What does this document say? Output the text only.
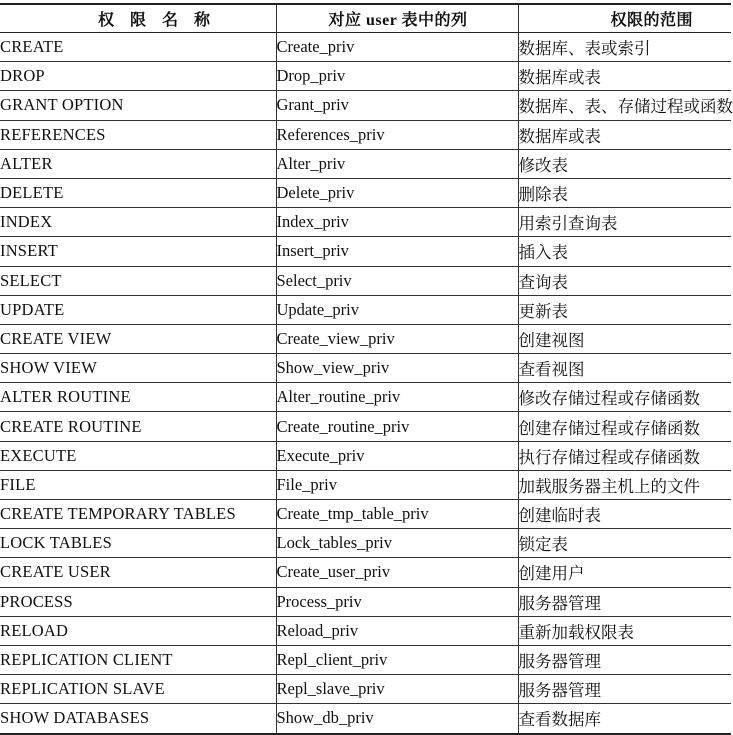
权 限 名 称	对应 user 表中的列	权限的范围
CREATE	Create_priv	数据库、表或索引
DROP	Drop_priv	数据库或表
GRANT OPTION	Grant_priv	数据库、表、存储过程或函数
REFERENCES	References_priv	数据库或表
ALTER	Alter_priv	修改表
DELETE	Delete_priv	删除表
INDEX	Index_priv	用索引查询表
INSERT	Insert_priv	插入表
SELECT	Select_priv	查询表
UPDATE	Update_priv	更新表
CREATE VIEW	Create_view_priv	创建视图
SHOW VIEW	Show_view_priv	查看视图
ALTER ROUTINE	Alter_routine_priv	修改存储过程或存储函数
CREATE ROUTINE	Create_routine_priv	创建存储过程或存储函数
EXECUTE	Execute_priv	执行存储过程或存储函数
FILE	File_priv	加载服务器主机上的文件
CREATE TEMPORARY TABLES	Create_tmp_table_priv	创建临时表
LOCK TABLES	Lock_tables_priv	锁定表
CREATE USER	Create_user_priv	创建用户
PROCESS	Process_priv	服务器管理
RELOAD	Reload_priv	重新加载权限表
REPLICATION CLIENT	Repl_client_priv	服务器管理
REPLICATION SLAVE	Repl_slave_priv	服务器管理
SHOW DATABASES	Show_db_priv	查看数据库
